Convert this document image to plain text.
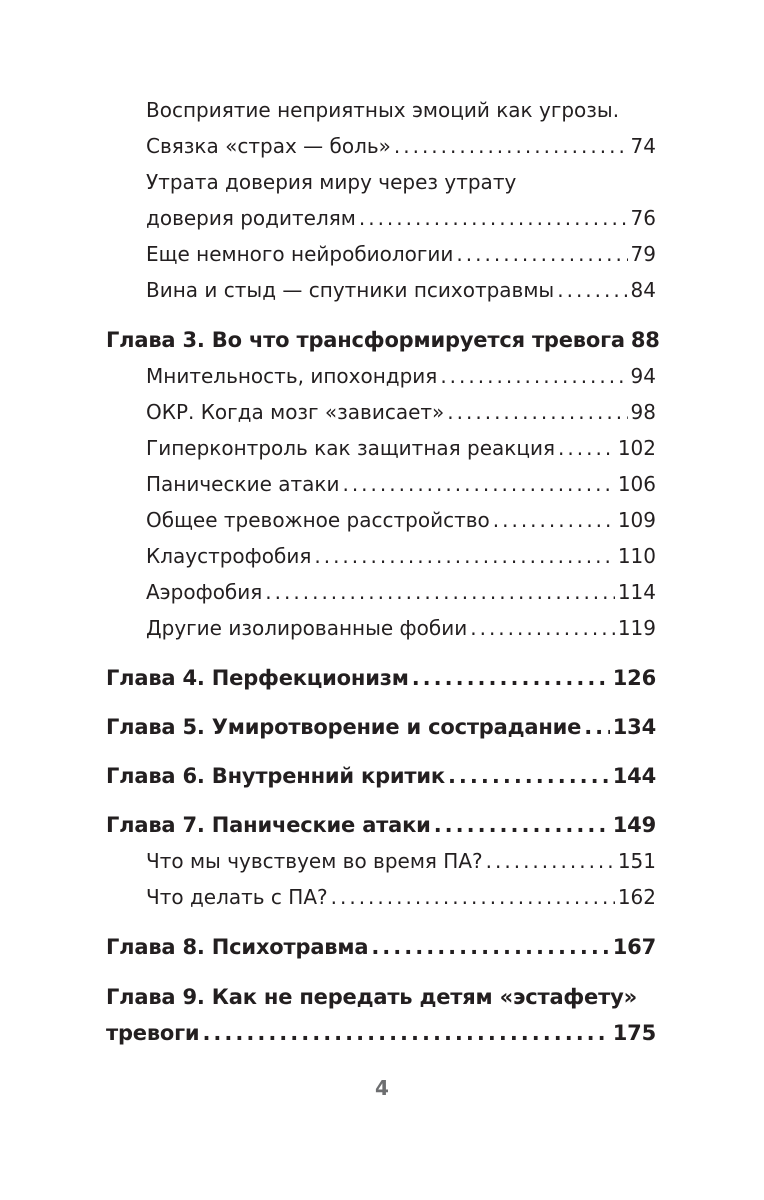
Восприятие неприятных эмоций как угрозы.
Связка «страх — боль» .....	74
Утрата доверия миру через утрату
доверия родителям .....	76
Еще немного нейробиологии .....	79
Вина и стыд — спутники психотравмы .....	84
Глава 3. Во что трансформируется тревога 88
Мнительность, ипохондрия .....	94
ОКР. Когда мозг «зависает» .....	98
Гиперконтроль как защитная реакция .....	102
Панические атаки .....	106
Общее тревожное расстройство .....	109
Клаустрофобия .....	110
Аэрофобия .....	114
Другие изолированные фобии .....	119
Глава 4. Перфекционизм .....	126
Глава 5. Умиротворение и сострадание ..... 134
Глава 6. Внутренний критик .....	144
Глава 7. Панические атаки .....	149
Что мы чувствуем во время ПА? .....	151
Что делать с ПА? .....	162
Глава 8. Психотравма .....	167
Глава 9. Как не передать детям «эстафету»
тревоги .....	175
4
